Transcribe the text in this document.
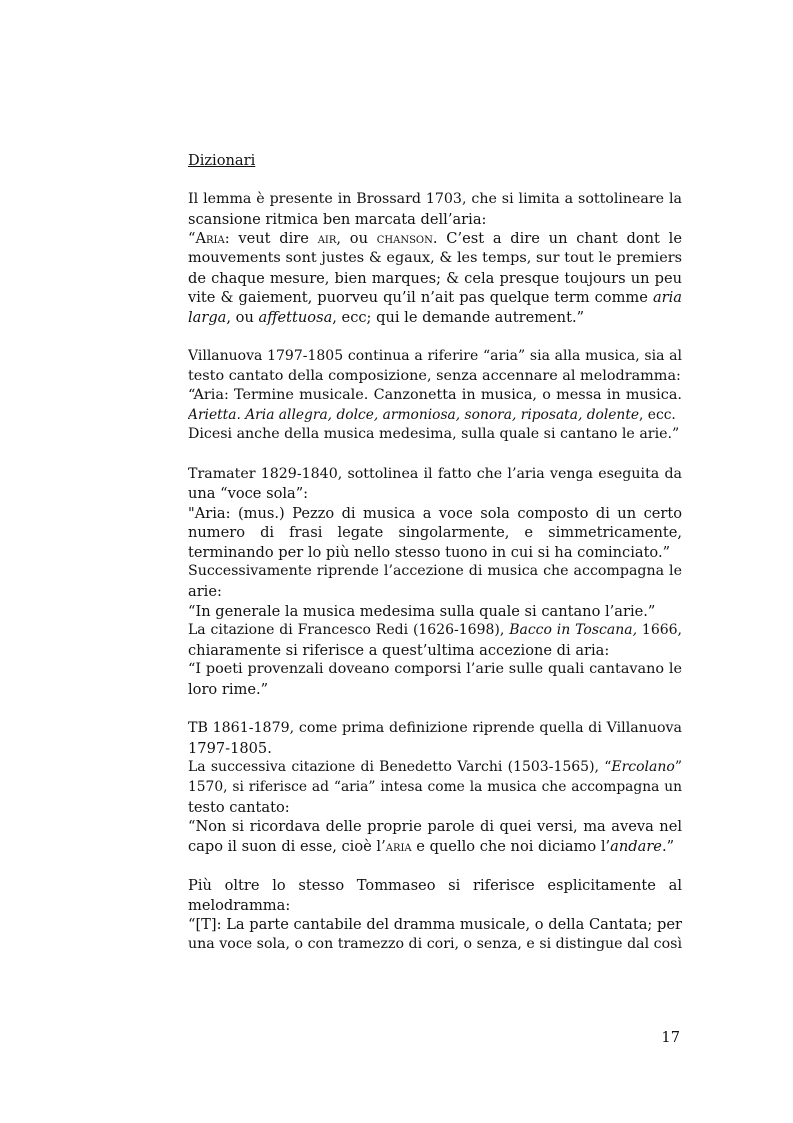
Dizionari
Il lemma è presente in Brossard 1703, che si limita a sottolineare la
scansione ritmica ben marcata dell’aria:
“Aria: veut dire air, ou chanson. C’est a dire un chant dont le
mouvements sont justes & egaux, & les temps, sur tout le premiers
de chaque mesure, bien marques; & cela presque toujours un peu
vite & gaiement, puorveu qu’il n’ait pas quelque term comme aria
larga, ou affettuosa, ecc; qui le demande autrement.”
Villanuova 1797-1805 continua a riferire “aria” sia alla musica, sia al
testo cantato della composizione, senza accennare al melodramma:
“Aria: Termine musicale. Canzonetta in musica, o messa in musica.
Arietta. Aria allegra, dolce, armoniosa, sonora, riposata, dolente, ecc.
Dicesi anche della musica medesima, sulla quale si cantano le arie.”
Tramater 1829-1840, sottolinea il fatto che l’aria venga eseguita da
una “voce sola”:
"Aria: (mus.) Pezzo di musica a voce sola composto di un certo
numero di frasi legate singolarmente, e simmetricamente,
terminando per lo più nello stesso tuono in cui si ha cominciato.”
Successivamente riprende l’accezione di musica che accompagna le
arie:
“In generale la musica medesima sulla quale si cantano l’arie.”
La citazione di Francesco Redi (1626-1698), Bacco in Toscana, 1666,
chiaramente si riferisce a quest’ultima accezione di aria:
“I poeti provenzali doveano comporsi l’arie sulle quali cantavano le
loro rime.”
TB 1861-1879, come prima definizione riprende quella di Villanuova
1797-1805.
La successiva citazione di Benedetto Varchi (1503-1565), “Ercolano”
1570, si riferisce ad “aria” intesa come la musica che accompagna un
testo cantato:
“Non si ricordava delle proprie parole di quei versi, ma aveva nel
capo il suon di esse, cioè l’aria e quello che noi diciamo l’andare.”
Più oltre lo stesso Tommaseo si riferisce esplicitamente al
melodramma:
“[T]: La parte cantabile del dramma musicale, o della Cantata; per
una voce sola, o con tramezzo di cori, o senza, e si distingue dal così
17
